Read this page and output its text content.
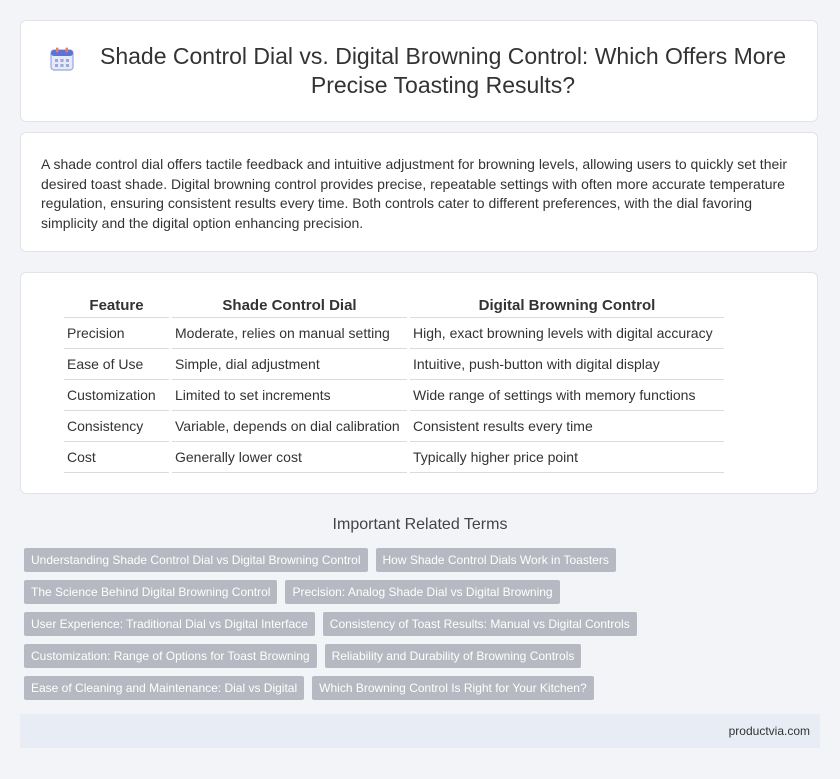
Shade Control Dial vs. Digital Browning Control: Which Offers More Precise Toasting Results?

A shade control dial offers tactile feedback and intuitive adjustment for browning levels, allowing users to quickly set their desired toast shade. Digital browning control provides precise, repeatable settings with often more accurate temperature regulation, ensuring consistent results every time. Both controls cater to different preferences, with the dial favoring simplicity and the digital option enhancing precision.

Feature	Shade Control Dial	Digital Browning Control
Precision	Moderate, relies on manual setting	High, exact browning levels with digital accuracy
Ease of Use	Simple, dial adjustment	Intuitive, push-button with digital display
Customization	Limited to set increments	Wide range of settings with memory functions
Consistency	Variable, depends on dial calibration	Consistent results every time
Cost	Generally lower cost	Typically higher price point
Important Related Terms
Understanding Shade Control Dial vs Digital Browning Control	How Shade Control Dials Work in Toasters
The Science Behind Digital Browning Control	Precision: Analog Shade Dial vs Digital Browning
User Experience: Traditional Dial vs Digital Interface	Consistency of Toast Results: Manual vs Digital Controls
Customization: Range of Options for Toast Browning	Reliability and Durability of Browning Controls
Ease of Cleaning and Maintenance: Dial vs Digital	Which Browning Control Is Right for Your Kitchen?
productvia.com
